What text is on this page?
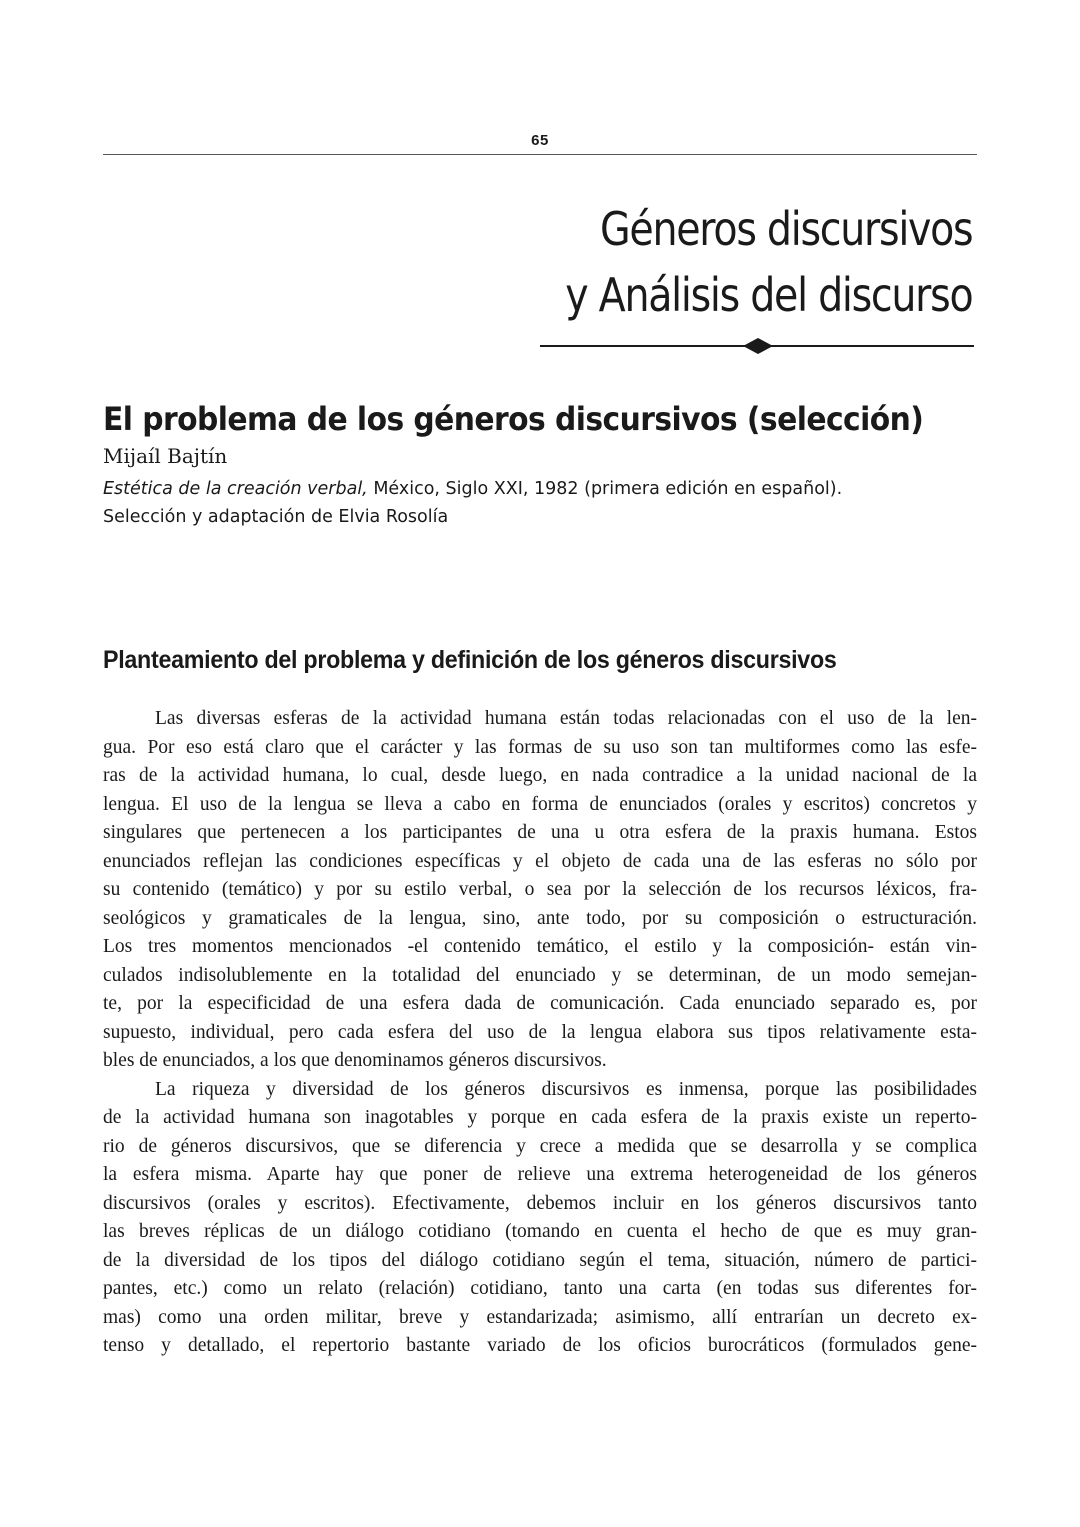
65
Géneros discursivos
y Análisis del discurso
El problema de los géneros discursivos (selección)
Mijaíl Bajtín
Estética de la creación verbal, México, Siglo XXI, 1982 (primera edición en español).
Selección y adaptación de Elvia Rosolía
Planteamiento del problema y definición de los géneros discursivos
Las diversas esferas de la actividad humana están todas relacionadas con el uso de la len-
gua. Por eso está claro que el carácter y las formas de su uso son tan multiformes como las esfe-
ras de la actividad humana, lo cual, desde luego, en nada contradice a la unidad nacional de la
lengua. El uso de la lengua se lleva a cabo en forma de enunciados (orales y escritos) concretos y
singulares que pertenecen a los participantes de una u otra esfera de la praxis humana. Estos
enunciados reflejan las condiciones específicas y el objeto de cada una de las esferas no sólo por
su contenido (temático) y por su estilo verbal, o sea por la selección de los recursos léxicos, fra-
seológicos y gramaticales de la lengua, sino, ante todo, por su composición o estructuración.
Los tres momentos mencionados -el contenido temático, el estilo y la composición- están vin-
culados indisolublemente en la totalidad del enunciado y se determinan, de un modo semejan-
te, por la especificidad de una esfera dada de comunicación. Cada enunciado separado es, por
supuesto, individual, pero cada esfera del uso de la lengua elabora sus tipos relativamente esta-
bles de enunciados, a los que denominamos géneros discursivos.
La riqueza y diversidad de los géneros discursivos es inmensa, porque las posibilidades
de la actividad humana son inagotables y porque en cada esfera de la praxis existe un reperto-
rio de géneros discursivos, que se diferencia y crece a medida que se desarrolla y se complica
la esfera misma. Aparte hay que poner de relieve una extrema heterogeneidad de los géneros
discursivos (orales y escritos). Efectivamente, debemos incluir en los géneros discursivos tanto
las breves réplicas de un diálogo cotidiano (tomando en cuenta el hecho de que es muy gran-
de la diversidad de los tipos del diálogo cotidiano según el tema, situación, número de partici-
pantes, etc.) como un relato (relación) cotidiano, tanto una carta (en todas sus diferentes for-
mas) como una orden militar, breve y estandarizada; asimismo, allí entrarían un decreto ex-
tenso y detallado, el repertorio bastante variado de los oficios burocráticos (formulados gene-
